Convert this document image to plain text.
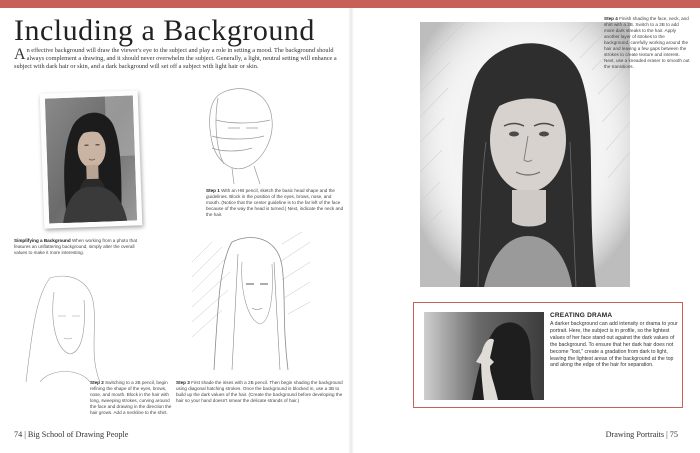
Including a Background

An effective background will draw the viewer's eye to the subject and play a role in setting a mood. The background should always complement a drawing, and it should never overwhelm the subject. Generally, a light, neutral setting will enhance a subject with dark hair or skin, and a dark background will set off a subject with light hair or skin.

Simplifying a Background When working from a photo that features an unflattering background, simply alter the overall values to make it more interesting.

Step 1 With an HB pencil, sketch the basic head shape and the guidelines. Block in the position of the eyes, brows, nose, and mouth. (Notice that the center guideline is to the far left of the face because of the way the head is turned.) Next, indicate the neck and the hair.

Step 3 First shade the irises with a 2B pencil. Then begin shading the background using diagonal hatching strokes. Once the background is blocked in, use a 3B to build up the dark values of the hair. (Create the background before developing the hair so your hand doesn't smear the delicate strands of hair.)

Step 2 Switching to a 2B pencil, begin refining the shape of the eyes, brows, nose, and mouth. Block in the hair with long, sweeping strokes, curving around the face and drawing in the direction the hair grows. Add a neckline to the shirt.

74 | Big School of Drawing People

Step 4 Finish shading the face, neck, and shirt with a 2B. Switch to a 3B to add more dark streaks to the hair. Apply another layer of strokes to the background, carefully working around the hair and leaving a few gaps between the strokes to create texture and interest. Next, use a kneaded eraser to smooth out the transitions.

CREATING DRAMA

A darker background can add intensity or drama to your portrait. Here, the subject is in profile, so the lightest values of her face stand out against the dark values of the background. To ensure that her dark hair does not become "lost," create a gradation from dark to light, leaving the lightest areas of the background at the top and along the edge of the hair for separation.

Drawing Portraits | 75
